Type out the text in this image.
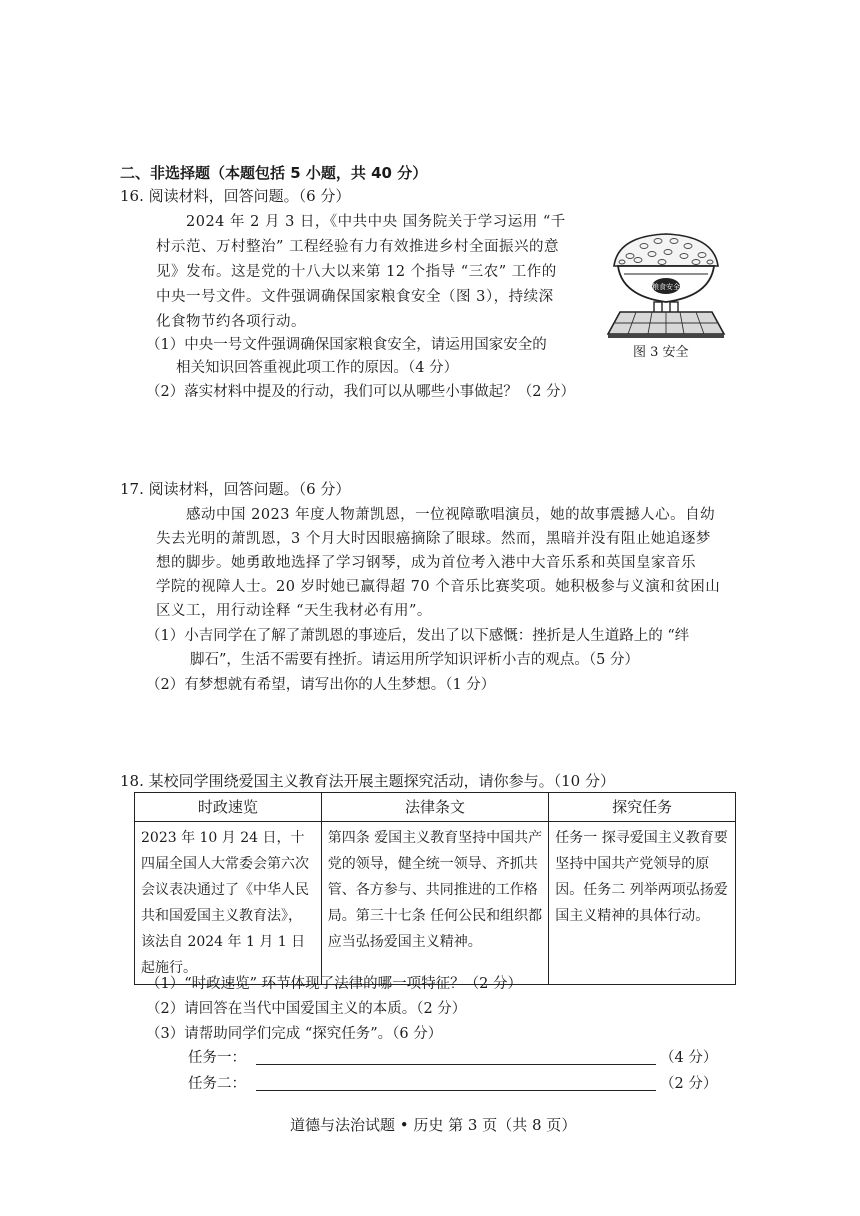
二、非选择题（本题包括 5 小题，共 40 分）
16. 阅读材料，回答问题。（6 分）
2024 年 2 月 3 日，《中共中央 国务院关于学习运用 “千
村示范、万村整治” 工程经验有力有效推进乡村全面振兴的意
见》发布。这是党的十八大以来第 12 个指导 “三农” 工作的
中央一号文件。文件强调确保国家粮食安全（图 3），持续深
化食物节约各项行动。
（1）中央一号文件强调确保国家粮食安全，请运用国家安全的
相关知识回答重视此项工作的原因。（4 分）
（2）落实材料中提及的行动，我们可以从哪些小事做起？（2 分）
粮食安全
图 3 安全
17. 阅读材料，回答问题。（6 分）
感动中国 2023 年度人物萧凯恩，一位视障歌唱演员，她的故事震撼人心。自幼
失去光明的萧凯恩，3 个月大时因眼癌摘除了眼球。然而，黑暗并没有阻止她追逐梦
想的脚步。她勇敢地选择了学习钢琴，成为首位考入港中大音乐系和英国皇家音乐
学院的视障人士。20 岁时她已赢得超 70 个音乐比赛奖项。她积极参与义演和贫困山
区义工，用行动诠释 “天生我材必有用”。
（1）小吉同学在了解了萧凯恩的事迹后，发出了以下感慨：挫折是人生道路上的 “绊
脚石”，生活不需要有挫折。请运用所学知识评析小吉的观点。（5 分）
（2）有梦想就有希望，请写出你的人生梦想。（1 分）
18. 某校同学围绕爱国主义教育法开展主题探究活动，请你参与。（10 分）
时政速览	法律条文	探究任务
2023 年 10 月 24 日，十四届全国人大常委会第六次会议表决通过了《中华人民共和国爱国主义教育法》，该法自 2024 年 1 月 1 日起施行。	第四条 爱国主义教育坚持中国共产党的领导，健全统一领导、齐抓共管、各方参与、共同推进的工作格局。第三十七条 任何公民和组织都应当弘扬爱国主义精神。	任务一 探寻爱国主义教育要坚持中国共产党领导的原因。任务二 列举两项弘扬爱国主义精神的具体行动。
（1）“时政速览” 环节体现了法律的哪一项特征？（2 分）
（2）请回答在当代中国爱国主义的本质。（2 分）
（3）请帮助同学们完成 “探究任务”。（6 分）
任务一：	（4 分）
任务二：	（2 分）
道德与法治试题 • 历史 第 3 页（共 8 页）
